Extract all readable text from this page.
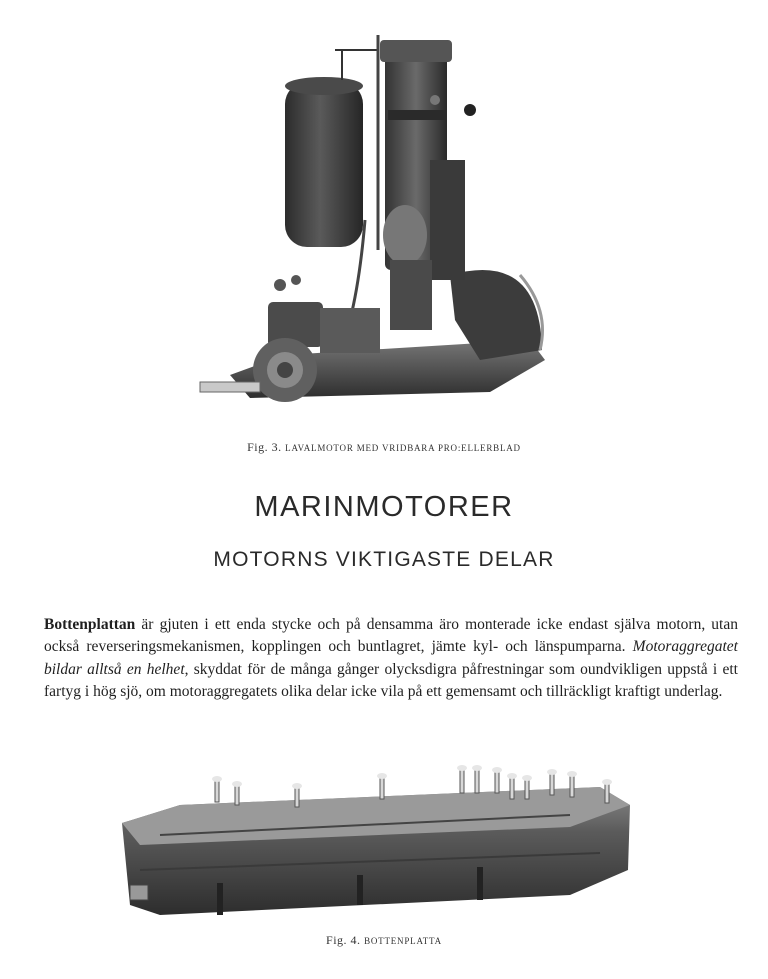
Fig. 3. LAVALMOTOR MED VRIDBARA PRO:ELLERBLAD
MARINMOTORER
MOTORNS VIKTIGASTE DELAR

Bottenplattan är gjuten i ett enda stycke och på densamma äro monterade icke endast själva motorn, utan också reverseringsmekanismen, kopplingen och buntlagret, jämte kyl- och länspumparna. Motoraggregatet bildar alltså en helhet, skyddat för de många gånger olycksdigra påfrestningar som oundvikligen uppstå i ett fartyg i hög sjö, om motoraggregatets olika delar icke vila på ett gemensamt och tillräckligt kraftigt underlag.

Fig. 4. BOTTENPLATTA
